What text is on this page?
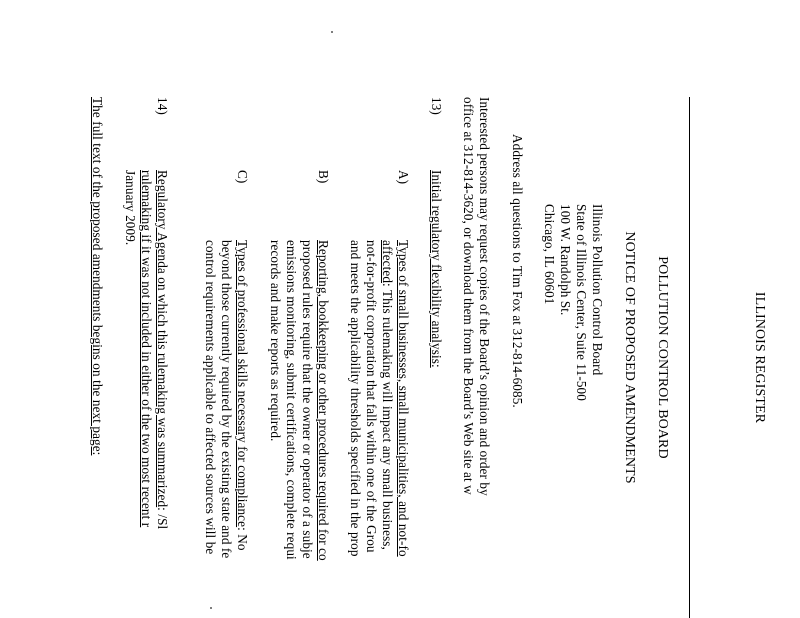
ILLINOIS REGISTER
POLLUTION CONTROL BOARD
NOTICE OF PROPOSED AMENDMENTS
Illinois Pollution Control Board
State of Illinois Center, Suite 11-500
100 W. Randolph St.
Chicago, IL 60601
Address all questions to Tim Fox at 312-814-6085.
Interested persons may request copies of the Board’s opinion and order by
office at 312-814-3620, or download them from the Board’s Web site at w
13)
Initial regulatory flexibility analysis:
A)
Types of small businesses, small municipalities, and not-fo
affected: This rulemaking will impact any small business,
not-for-profit corporation that falls within one of the Grou
and meets the applicability thresholds specified in the prop
B)
Reporting, bookkeeping or other procedures required for co
proposed rules require that the owner or operator of a subje
emissions monitoring, submit certifications, complete requi
records and make reports as required.
C)
Types of professional skills necessary for compliance: No
beyond those currently required by the existing state and fe
control requirements applicable to affected sources will be
14)
Regulatory Agenda on which this rulemaking was summarized: /Sl
rulemaking if it was not included in either of the two most recent r
January 2009.
The full text of the proposed amendments begins on the next page:
